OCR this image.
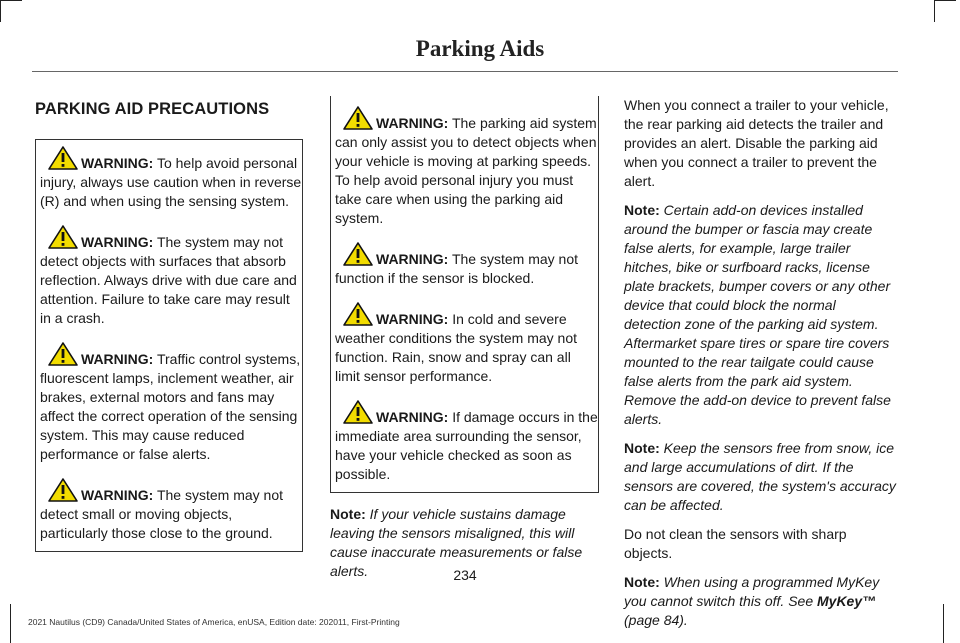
Parking Aids
PARKING AID PRECAUTIONS
WARNING: To help avoid personal injury, always use caution when in reverse (R) and when using the sensing system.
WARNING: The system may not detect objects with surfaces that absorb reflection. Always drive with due care and attention. Failure to take care may result in a crash.
WARNING: Traffic control systems, fluorescent lamps, inclement weather, air brakes, external motors and fans may affect the correct operation of the sensing system. This may cause reduced performance or false alerts.
WARNING: The system may not detect small or moving objects, particularly those close to the ground.
WARNING: The parking aid system can only assist you to detect objects when your vehicle is moving at parking speeds. To help avoid personal injury you must take care when using the parking aid system.
WARNING: The system may not function if the sensor is blocked.
WARNING: In cold and severe weather conditions the system may not function. Rain, snow and spray can all limit sensor performance.
WARNING: If damage occurs in the immediate area surrounding the sensor, have your vehicle checked as soon as possible.

Note: If your vehicle sustains damage leaving the sensors misaligned, this will cause inaccurate measurements or false alerts.

When you connect a trailer to your vehicle, the rear parking aid detects the trailer and provides an alert. Disable the parking aid when you connect a trailer to prevent the alert.

Note: Certain add-on devices installed around the bumper or fascia may create false alerts, for example, large trailer hitches, bike or surfboard racks, license plate brackets, bumper covers or any other device that could block the normal detection zone of the parking aid system. Aftermarket spare tires or spare tire covers mounted to the rear tailgate could cause false alerts from the park aid system. Remove the add-on device to prevent false alerts.

Note: Keep the sensors free from snow, ice and large accumulations of dirt. If the sensors are covered, the system's accuracy can be affected.

Do not clean the sensors with sharp objects.

Note: When using a programmed MyKey you cannot switch this off. See MyKey™ (page 84).

234
2021 Nautilus (CD9) Canada/United States of America, enUSA, Edition date: 202011, First-Printing
